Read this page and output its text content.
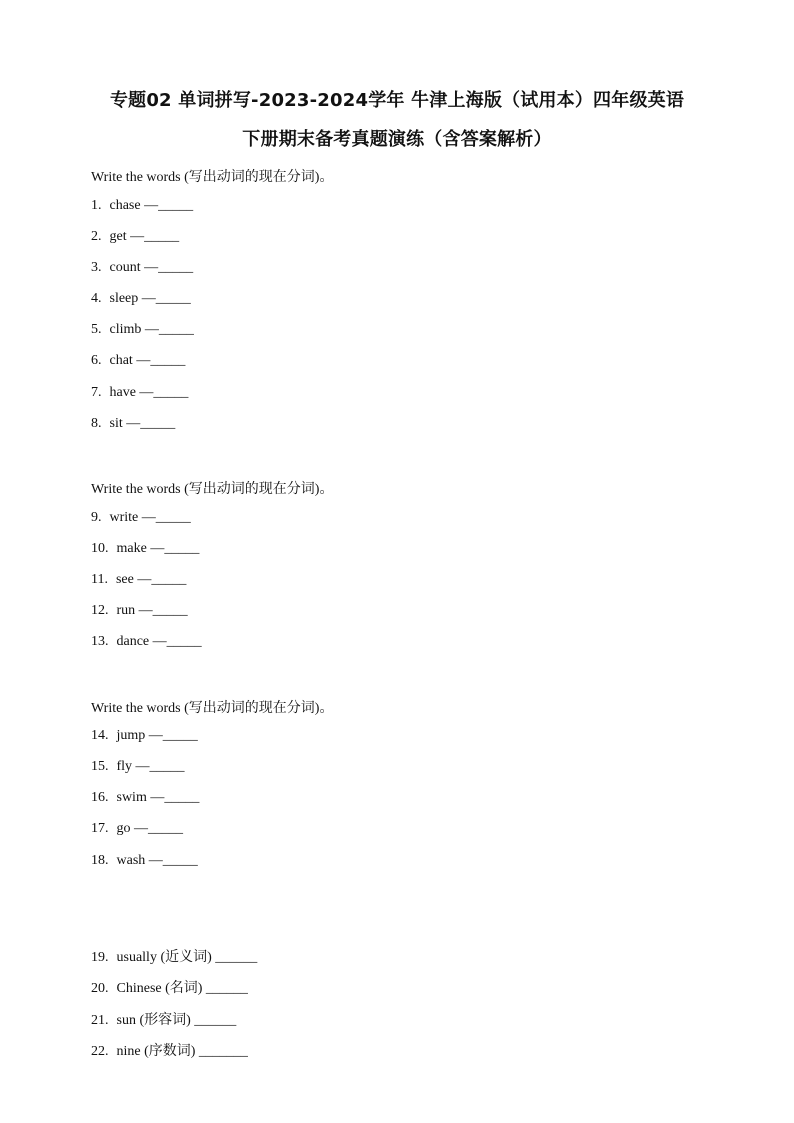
专题02 单词拼写-2023-2024学年 牛津上海版（试用本）四年级英语
下册期末备考真题演练（含答案解析）
Write the words (写出动词的现在分词)。
1. chase —_____
2. get —_____
3. count —_____
4. sleep —_____
5. climb —_____
6. chat —_____
7. have —_____
8. sit —_____
Write the words (写出动词的现在分词)。
9. write —_____
10. make —_____
11. see —_____
12. run —_____
13. dance —_____
Write the words (写出动词的现在分词)。
14. jump —_____
15. fly —_____
16. swim —_____
17. go —_____
18. wash —_____
19. usually (近义词) ______
20. Chinese (名词) ______
21. sun (形容词) ______
22. nine (序数词) _______
